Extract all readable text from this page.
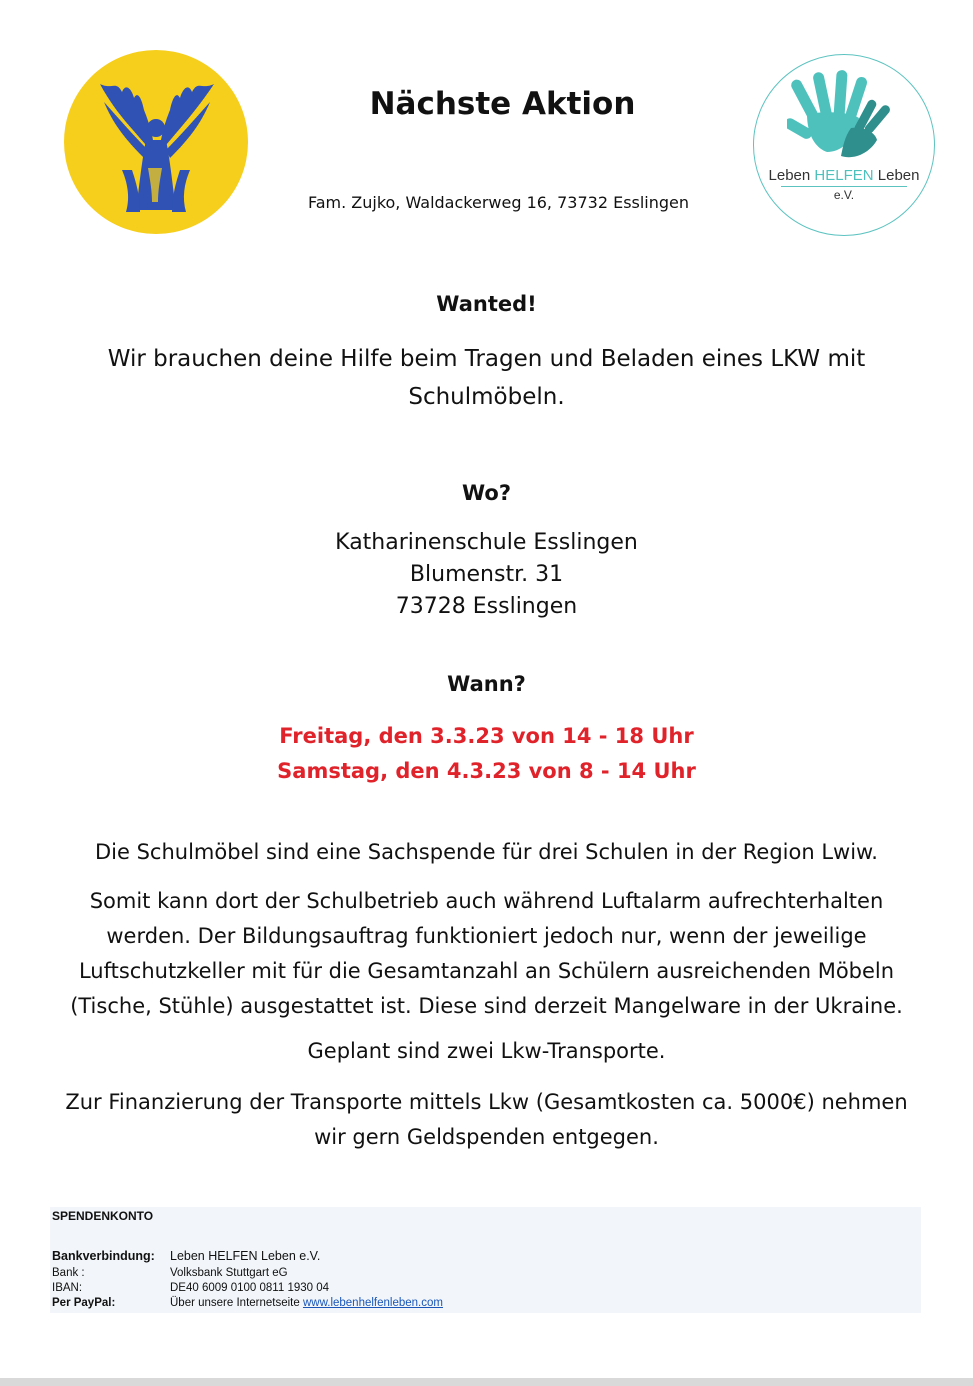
Nächste Aktion
Fam. Zujko, Waldackerweg 16, 73732 Esslingen
Leben HELFEN Leben
e.V.
Wanted!
Wir brauchen deine Hilfe beim Tragen und Beladen eines LKW mit
Schulmöbeln.
Wo?
Katharinenschule Esslingen
Blumenstr. 31
73728 Esslingen
Wann?
Freitag, den 3.3.23 von 14 - 18 Uhr
Samstag, den 4.3.23 von 8 - 14 Uhr
Die Schulmöbel sind eine Sachspende für drei Schulen in der Region Lwiw.
Somit kann dort der Schulbetrieb auch während Luftalarm aufrechterhalten
werden. Der Bildungsauftrag funktioniert jedoch nur, wenn der jeweilige
Luftschutzkeller mit für die Gesamtanzahl an Schülern ausreichenden Möbeln
(Tische, Stühle) ausgestattet ist. Diese sind derzeit Mangelware in der Ukraine.
Geplant sind zwei Lkw-Transporte.
Zur Finanzierung der Transporte mittels Lkw (Gesamtkosten ca. 5000€) nehmen
wir gern Geldspenden entgegen.
SPENDENKONTO
Bankverbindung: Leben HELFEN Leben e.V.
Bank :	Volksbank Stuttgart eG
IBAN:	DE40 6009 0100 0811 1930 04
Per PayPal:	Über unsere Internetseite www.lebenhelfenleben.com
